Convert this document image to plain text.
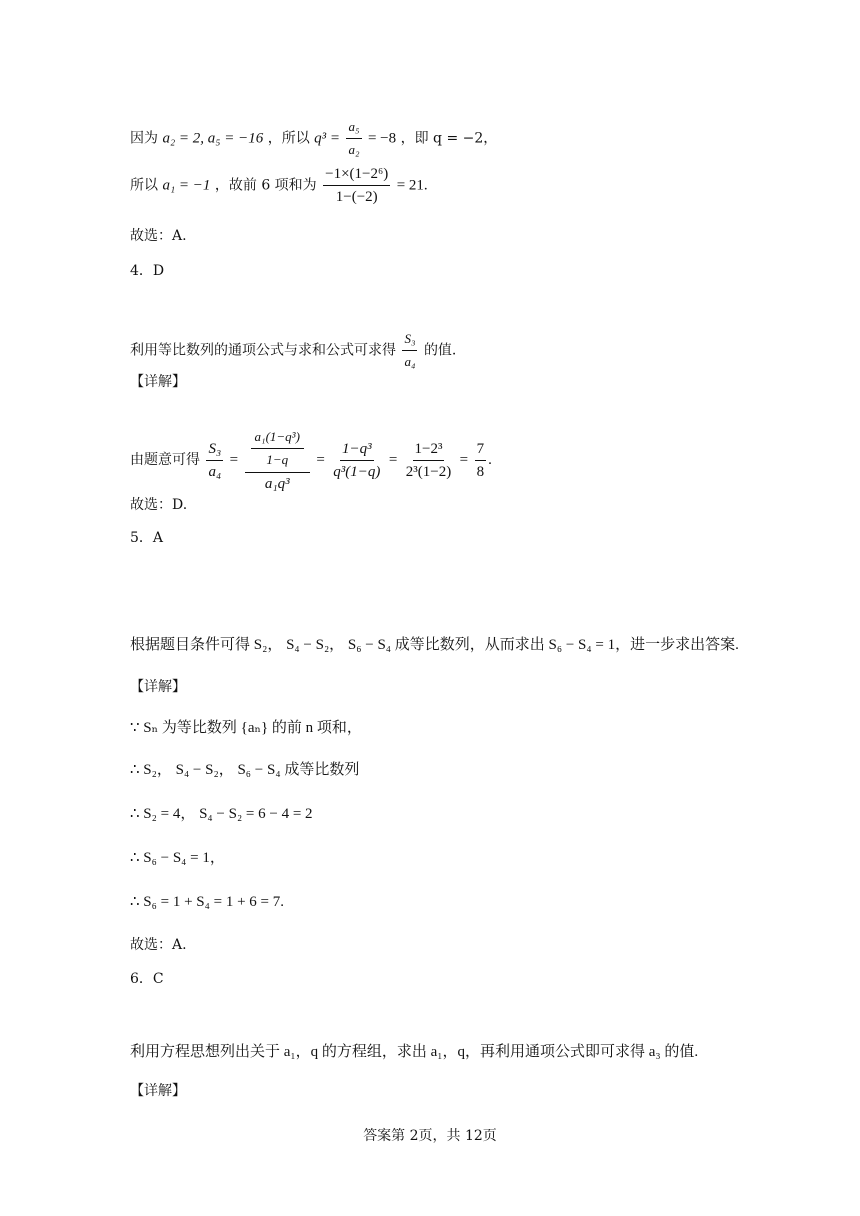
因为 a₂ = 2, a₅ = −16 ，所以 $q^3 = \frac{\text{a₅}}{\text{a₂}} = -8$ ，即 q = −2，
所以 a₁ = −1 ，故前 6 项和为 $\frac{\text{−1×(1−2⁶)}}{1-(-2)} = 21$.
故选：A.
4．D
利用等比数列的通项公式与求和公式可求得 $\frac{\text{S₃}}{\text{a₄}}$ 的值.
【详解】
由题意可得 $\frac{\text{S₃}}{\text{a₄}} = \frac{\frac{\text{a₁(1−q³)}}{1-q}}{\text{a₁q³}} = \frac{\text{1−q³}}{\text{q³(1−q)}} = \frac{\text{1−2³}}{\text{2³(1−2)}} = \frac{7}{8}$ .
故选：D.
5．A
根据题目条件可得 S₂， S₄ − S₂， S₆ − S₄ 成等比数列，从而求出 S₆ − S₄ = 1，进一步求出答案.
【详解】
∵ Sₙ 为等比数列 {aₙ} 的前 n 项和，
∴ S₂， S₄ − S₂， S₆ − S₄ 成等比数列
∴ S₂ = 4， S₄ − S₂ = 6 − 4 = 2
∴ S₆ − S₄ = 1，
∴ S₆ = 1 + S₄ = 1 + 6 = 7.
故选：A.
6．C
利用方程思想列出关于 a₁，q 的方程组，求出 a₁，q，再利用通项公式即可求得 a₃ 的值.
【详解】
答案第 2页，共 12页
